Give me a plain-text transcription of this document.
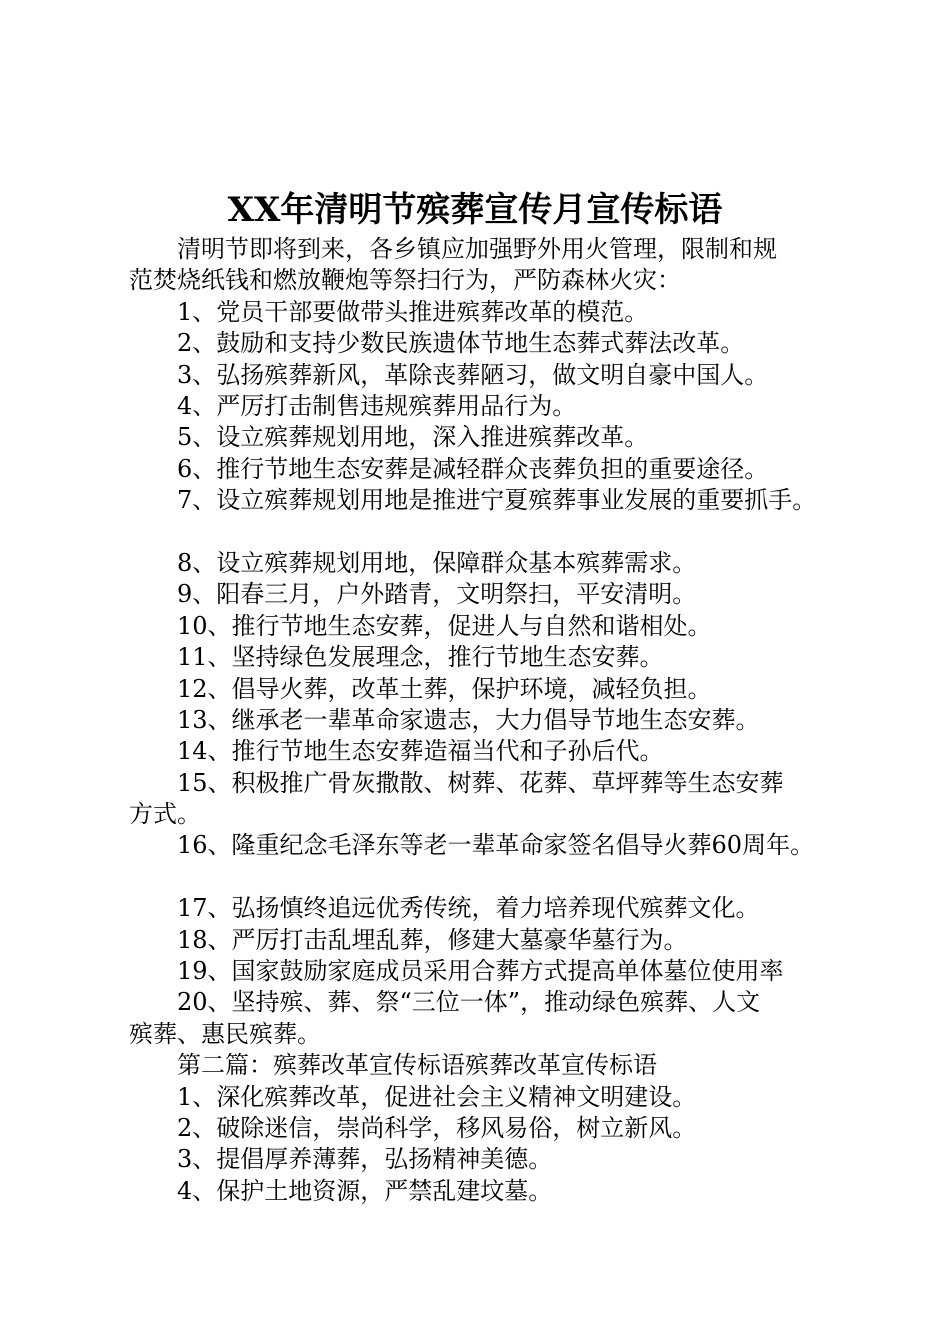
XX年清明节殡葬宣传月宣传标语

清明节即将到来，各乡镇应加强野外用火管理，限制和规
范焚烧纸钱和燃放鞭炮等祭扫行为，严防森林火灾：

1、党员干部要做带头推进殡葬改革的模范。

2、鼓励和支持少数民族遗体节地生态葬式葬法改革。

3、弘扬殡葬新风，革除丧葬陋习，做文明自豪中国人。

4、严厉打击制售违规殡葬用品行为。

5、设立殡葬规划用地，深入推进殡葬改革。

6、推行节地生态安葬是减轻群众丧葬负担的重要途径。

7、设立殡葬规划用地是推进宁夏殡葬事业发展的重要抓手。

8、设立殡葬规划用地，保障群众基本殡葬需求。

9、阳春三月，户外踏青，文明祭扫，平安清明。

10、推行节地生态安葬，促进人与自然和谐相处。

11、坚持绿色发展理念，推行节地生态安葬。

12、倡导火葬，改革土葬，保护环境，减轻负担。

13、继承老一辈革命家遗志，大力倡导节地生态安葬。

14、推行节地生态安葬造福当代和子孙后代。

15、积极推广骨灰撒散、树葬、花葬、草坪葬等生态安葬
方式。

16、隆重纪念毛泽东等老一辈革命家签名倡导火葬60周年。

17、弘扬慎终追远优秀传统，着力培养现代殡葬文化。

18、严厉打击乱埋乱葬，修建大墓豪华墓行为。

19、国家鼓励家庭成员采用合葬方式提高单体墓位使用率

20、坚持殡、葬、祭“三位一体”，推动绿色殡葬、人文
殡葬、惠民殡葬。

第二篇：殡葬改革宣传标语殡葬改革宣传标语

1、深化殡葬改革，促进社会主义精神文明建设。

2、破除迷信，崇尚科学，移风易俗，树立新风。

3、提倡厚养薄葬，弘扬精神美德。

4、保护土地资源，严禁乱建坟墓。
